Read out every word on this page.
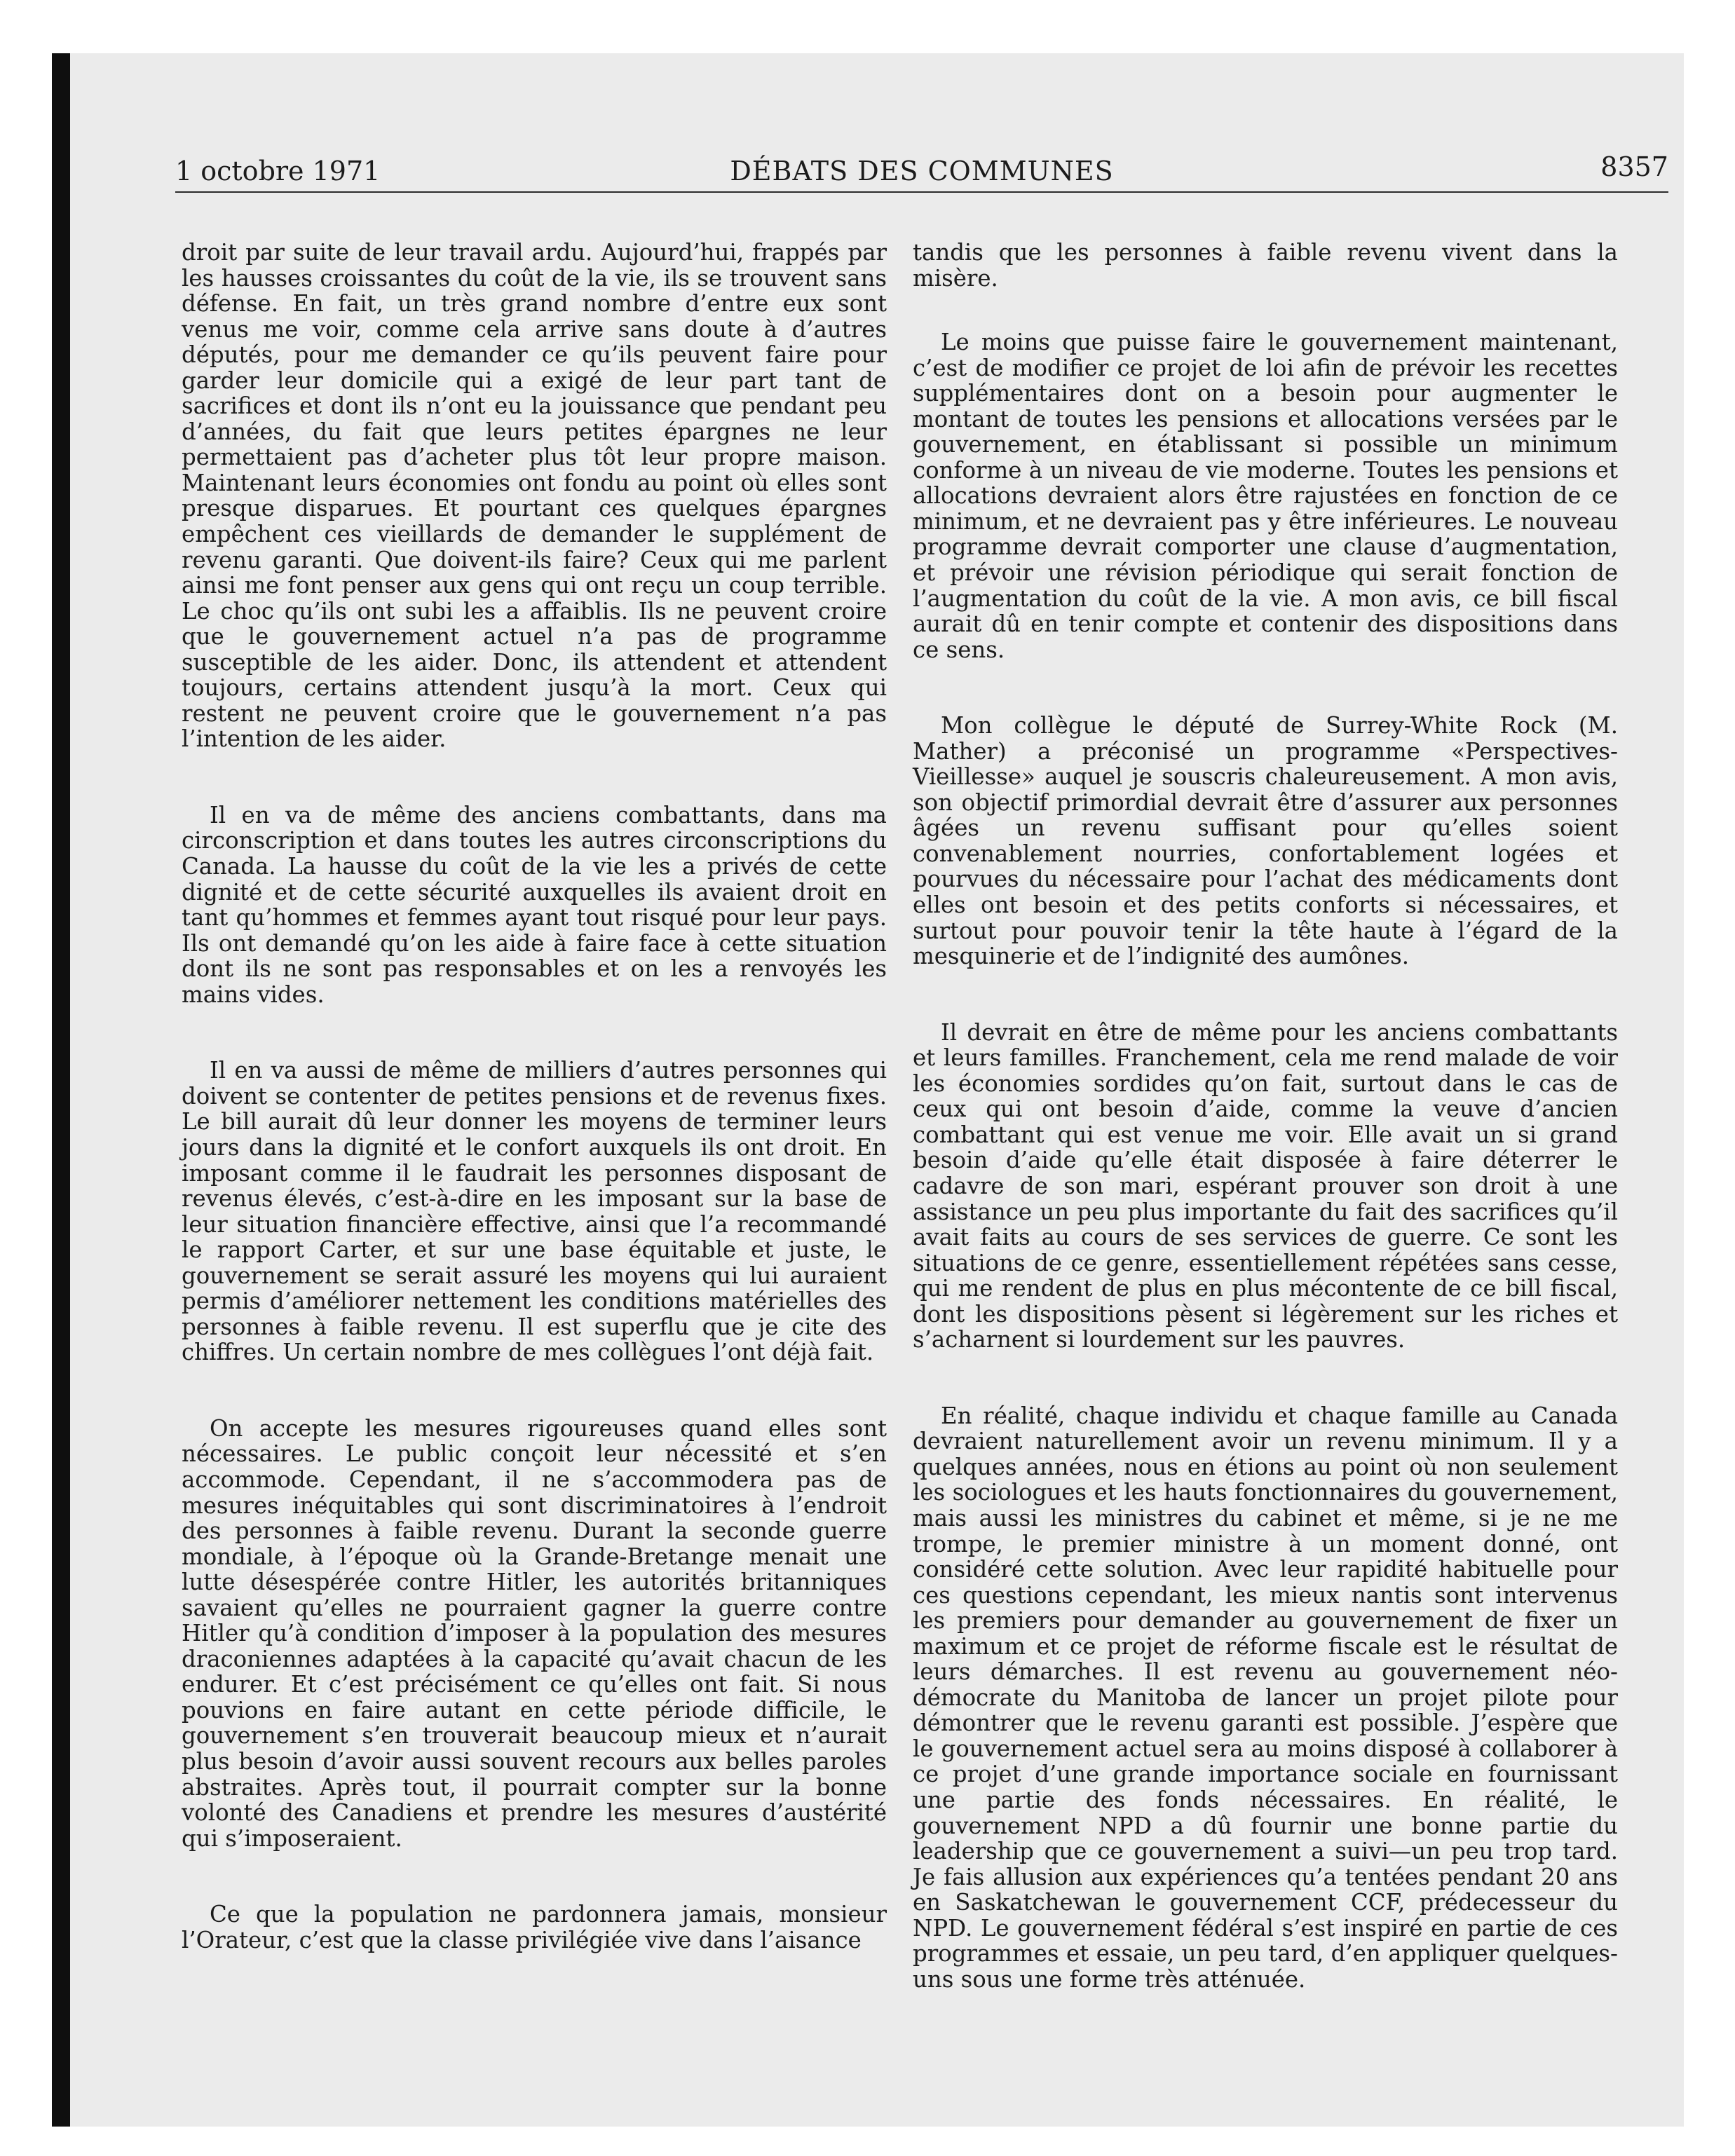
1 octobre 1971	DÉBATS DES COMMUNES	8357

droit par suite de leur travail ardu. Aujourd’hui, frappés par les hausses croissantes du coût de la vie, ils se trouvent sans défense. En fait, un très grand nombre d’entre eux sont venus me voir, comme cela arrive sans doute à d’autres députés, pour me demander ce qu’ils peuvent faire pour garder leur domicile qui a exigé de leur part tant de sacrifices et dont ils n’ont eu la jouissance que pendant peu d’années, du fait que leurs petites épargnes ne leur permettaient pas d’acheter plus tôt leur propre maison. Maintenant leurs économies ont fondu au point où elles sont presque disparues. Et pourtant ces quelques épargnes empêchent ces vieillards de demander le supplément de revenu garanti. Que doivent-ils faire? Ceux qui me parlent ainsi me font penser aux gens qui ont reçu un coup terrible. Le choc qu’ils ont subi les a affaiblis. Ils ne peuvent croire que le gouvernement actuel n’a pas de programme susceptible de les aider. Donc, ils attendent et attendent toujours, certains attendent jusqu’à la mort. Ceux qui restent ne peuvent croire que le gouvernement n’a pas l’intention de les aider.

Il en va de même des anciens combattants, dans ma circonscription et dans toutes les autres circonscriptions du Canada. La hausse du coût de la vie les a privés de cette dignité et de cette sécurité auxquelles ils avaient droit en tant qu’hommes et femmes ayant tout risqué pour leur pays. Ils ont demandé qu’on les aide à faire face à cette situation dont ils ne sont pas responsables et on les a renvoyés les mains vides.

Il en va aussi de même de milliers d’autres personnes qui doivent se contenter de petites pensions et de revenus fixes. Le bill aurait dû leur donner les moyens de terminer leurs jours dans la dignité et le confort auxquels ils ont droit. En imposant comme il le faudrait les personnes disposant de revenus élevés, c’est-à-dire en les imposant sur la base de leur situation financière effective, ainsi que l’a recommandé le rapport Carter, et sur une base équitable et juste, le gouvernement se serait assuré les moyens qui lui auraient permis d’améliorer nettement les conditions matérielles des personnes à faible revenu. Il est superflu que je cite des chiffres. Un certain nombre de mes collègues l’ont déjà fait.

On accepte les mesures rigoureuses quand elles sont nécessaires. Le public conçoit leur nécessité et s’en accommode. Cependant, il ne s’accommodera pas de mesures inéquitables qui sont discriminatoires à l’endroit des personnes à faible revenu. Durant la seconde guerre mondiale, à l’époque où la Grande-Bretange menait une lutte désespérée contre Hitler, les autorités britanniques savaient qu’elles ne pourraient gagner la guerre contre Hitler qu’à condition d’imposer à la population des mesures draconiennes adaptées à la capacité qu’avait chacun de les endurer. Et c’est précisément ce qu’elles ont fait. Si nous pouvions en faire autant en cette période difficile, le gouvernement s’en trouverait beaucoup mieux et n’aurait plus besoin d’avoir aussi souvent recours aux belles paroles abstraites. Après tout, il pourrait compter sur la bonne volonté des Canadiens et prendre les mesures d’austérité qui s’imposeraient.

Ce que la population ne pardonnera jamais, monsieur l’Orateur, c’est que la classe privilégiée vive dans l’aisance

tandis que les personnes à faible revenu vivent dans la misère.

Le moins que puisse faire le gouvernement maintenant, c’est de modifier ce projet de loi afin de prévoir les recettes supplémentaires dont on a besoin pour augmenter le montant de toutes les pensions et allocations versées par le gouvernement, en établissant si possible un minimum conforme à un niveau de vie moderne. Toutes les pensions et allocations devraient alors être rajustées en fonction de ce minimum, et ne devraient pas y être inférieures. Le nouveau programme devrait comporter une clause d’augmentation, et prévoir une révision périodique qui serait fonction de l’augmentation du coût de la vie. A mon avis, ce bill fiscal aurait dû en tenir compte et contenir des dispositions dans ce sens.

Mon collègue le député de Surrey-White Rock (M. Mather) a préconisé un programme «Perspectives-Vieillesse» auquel je souscris chaleureusement. A mon avis, son objectif primordial devrait être d’assurer aux personnes âgées un revenu suffisant pour qu’elles soient convenablement nourries, confortablement logées et pourvues du nécessaire pour l’achat des médicaments dont elles ont besoin et des petits conforts si nécessaires, et surtout pour pouvoir tenir la tête haute à l’égard de la mesquinerie et de l’indignité des aumônes.

Il devrait en être de même pour les anciens combattants et leurs familles. Franchement, cela me rend malade de voir les économies sordides qu’on fait, surtout dans le cas de ceux qui ont besoin d’aide, comme la veuve d’ancien combattant qui est venue me voir. Elle avait un si grand besoin d’aide qu’elle était disposée à faire déterrer le cadavre de son mari, espérant prouver son droit à une assistance un peu plus importante du fait des sacrifices qu’il avait faits au cours de ses services de guerre. Ce sont les situations de ce genre, essentiellement répétées sans cesse, qui me rendent de plus en plus mécontente de ce bill fiscal, dont les dispositions pèsent si légèrement sur les riches et s’acharnent si lourdement sur les pauvres.

En réalité, chaque individu et chaque famille au Canada devraient naturellement avoir un revenu minimum. Il y a quelques années, nous en étions au point où non seulement les sociologues et les hauts fonctionnaires du gouvernement, mais aussi les ministres du cabinet et même, si je ne me trompe, le premier ministre à un moment donné, ont considéré cette solution. Avec leur rapidité habituelle pour ces questions cependant, les mieux nantis sont intervenus les premiers pour demander au gouvernement de fixer un maximum et ce projet de réforme fiscale est le résultat de leurs démarches. Il est revenu au gouvernement néo-démocrate du Manitoba de lancer un projet pilote pour démontrer que le revenu garanti est possible. J’espère que le gouvernement actuel sera au moins disposé à collaborer à ce projet d’une grande importance sociale en fournissant une partie des fonds nécessaires. En réalité, le gouvernement NPD a dû fournir une bonne partie du leadership que ce gouvernement a suivi—un peu trop tard. Je fais allusion aux expériences qu’a tentées pendant 20 ans en Saskatchewan le gouvernement CCF, prédecesseur du NPD. Le gouvernement fédéral s’est inspiré en partie de ces programmes et essaie, un peu tard, d’en appliquer quelques-uns sous une forme très atténuée.
